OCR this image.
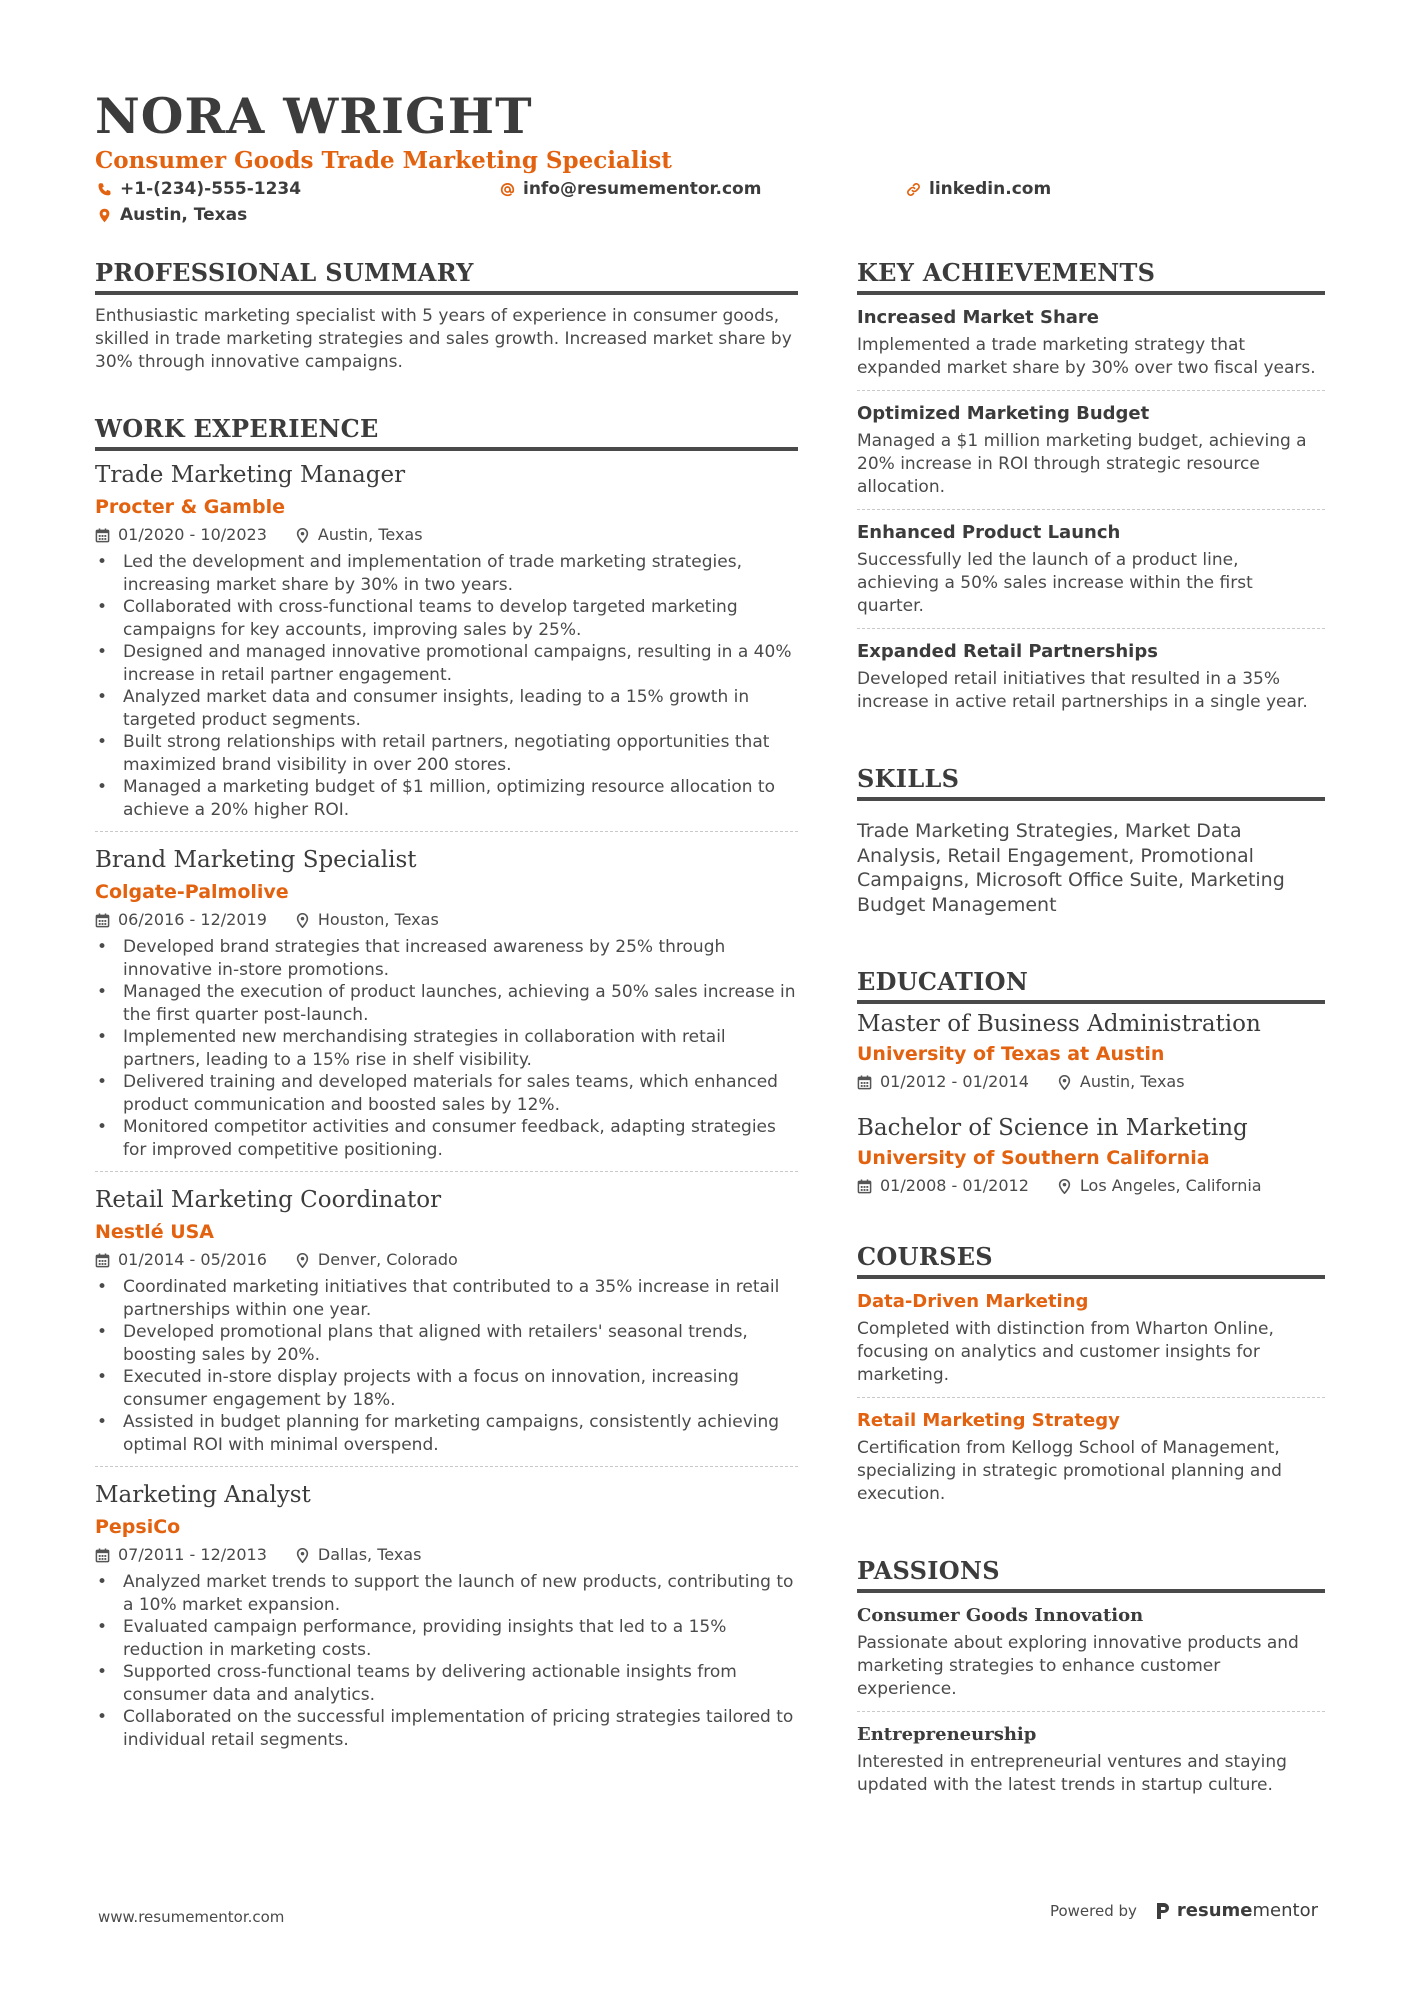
NORA WRIGHT
Consumer Goods Trade Marketing Specialist
+1-(234)-555-1234	info@resumementor.com	linkedin.com
Austin, Texas
PROFESSIONAL SUMMARY
Enthusiastic marketing specialist with 5 years of experience in consumer goods, skilled in trade marketing strategies and sales growth. Increased market share by 30% through innovative campaigns.
WORK EXPERIENCE
Trade Marketing Manager
Procter & Gamble
01/2020 - 10/2023	Austin, Texas
• Led the development and implementation of trade marketing strategies, increasing market share by 30% in two years.
• Collaborated with cross-functional teams to develop targeted marketing campaigns for key accounts, improving sales by 25%.
• Designed and managed innovative promotional campaigns, resulting in a 40% increase in retail partner engagement.
• Analyzed market data and consumer insights, leading to a 15% growth in targeted product segments.
• Built strong relationships with retail partners, negotiating opportunities that maximized brand visibility in over 200 stores.
• Managed a marketing budget of $1 million, optimizing resource allocation to achieve a 20% higher ROI.
Brand Marketing Specialist
Colgate-Palmolive
06/2016 - 12/2019	Houston, Texas
• Developed brand strategies that increased awareness by 25% through innovative in-store promotions.
• Managed the execution of product launches, achieving a 50% sales increase in the first quarter post-launch.
• Implemented new merchandising strategies in collaboration with retail partners, leading to a 15% rise in shelf visibility.
• Delivered training and developed materials for sales teams, which enhanced product communication and boosted sales by 12%.
• Monitored competitor activities and consumer feedback, adapting strategies for improved competitive positioning.
Retail Marketing Coordinator
Nestlé USA
01/2014 - 05/2016	Denver, Colorado
• Coordinated marketing initiatives that contributed to a 35% increase in retail partnerships within one year.
• Developed promotional plans that aligned with retailers' seasonal trends, boosting sales by 20%.
• Executed in-store display projects with a focus on innovation, increasing consumer engagement by 18%.
• Assisted in budget planning for marketing campaigns, consistently achieving optimal ROI with minimal overspend.
Marketing Analyst
PepsiCo
07/2011 - 12/2013	Dallas, Texas
• Analyzed market trends to support the launch of new products, contributing to a 10% market expansion.
• Evaluated campaign performance, providing insights that led to a 15% reduction in marketing costs.
• Supported cross-functional teams by delivering actionable insights from consumer data and analytics.
• Collaborated on the successful implementation of pricing strategies tailored to individual retail segments.
KEY ACHIEVEMENTS
Increased Market Share
Implemented a trade marketing strategy that expanded market share by 30% over two fiscal years.
Optimized Marketing Budget
Managed a $1 million marketing budget, achieving a 20% increase in ROI through strategic resource allocation.
Enhanced Product Launch
Successfully led the launch of a product line, achieving a 50% sales increase within the first quarter.
Expanded Retail Partnerships
Developed retail initiatives that resulted in a 35% increase in active retail partnerships in a single year.
SKILLS
Trade Marketing Strategies, Market Data Analysis, Retail Engagement, Promotional Campaigns, Microsoft Office Suite, Marketing Budget Management
EDUCATION
Master of Business Administration
University of Texas at Austin
01/2012 - 01/2014	Austin, Texas
Bachelor of Science in Marketing
University of Southern California
01/2008 - 01/2012	Los Angeles, California
COURSES
Data-Driven Marketing
Completed with distinction from Wharton Online, focusing on analytics and customer insights for marketing.
Retail Marketing Strategy
Certification from Kellogg School of Management, specializing in strategic promotional planning and execution.
PASSIONS
Consumer Goods Innovation
Passionate about exploring innovative products and marketing strategies to enhance customer experience.
Entrepreneurship
Interested in entrepreneurial ventures and staying updated with the latest trends in startup culture.
www.resumementor.com	Powered by resumementor
